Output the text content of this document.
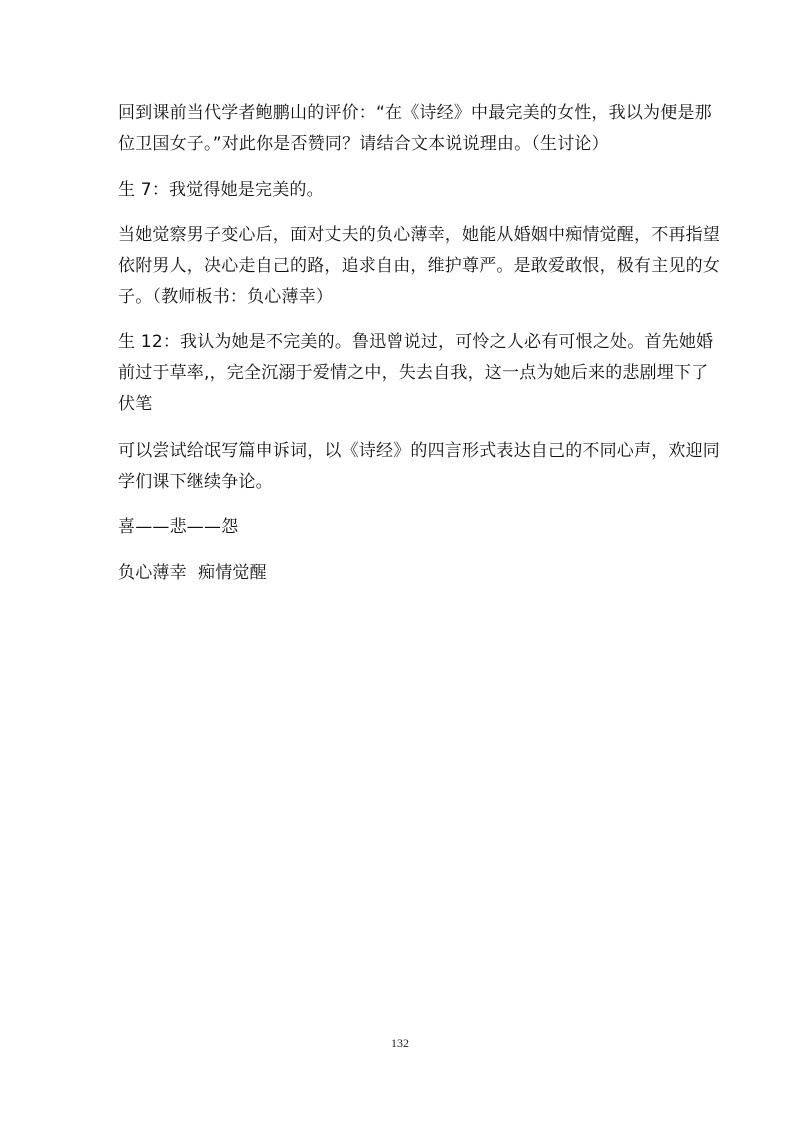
回到课前当代学者鲍鹏山的评价：“在《诗经》中最完美的女性，我以为便是那
位卫国女子。”对此你是否赞同？请结合文本说说理由。（生讨论）

生 7：我觉得她是完美的。

当她觉察男子变心后，面对丈夫的负心薄幸，她能从婚姻中痴情觉醒，不再指望
依附男人，决心走自己的路，追求自由，维护尊严。是敢爱敢恨，极有主见的女
子。（教师板书：负心薄幸）

生 12：我认为她是不完美的。鲁迅曾说过，可怜之人必有可恨之处。首先她婚
前过于草率,，完全沉溺于爱情之中，失去自我，这一点为她后来的悲剧埋下了
伏笔

可以尝试给氓写篇申诉词，以《诗经》的四言形式表达自己的不同心声，欢迎同
学们课下继续争论。

喜——悲——怨

负心薄幸  痴情觉醒

132
